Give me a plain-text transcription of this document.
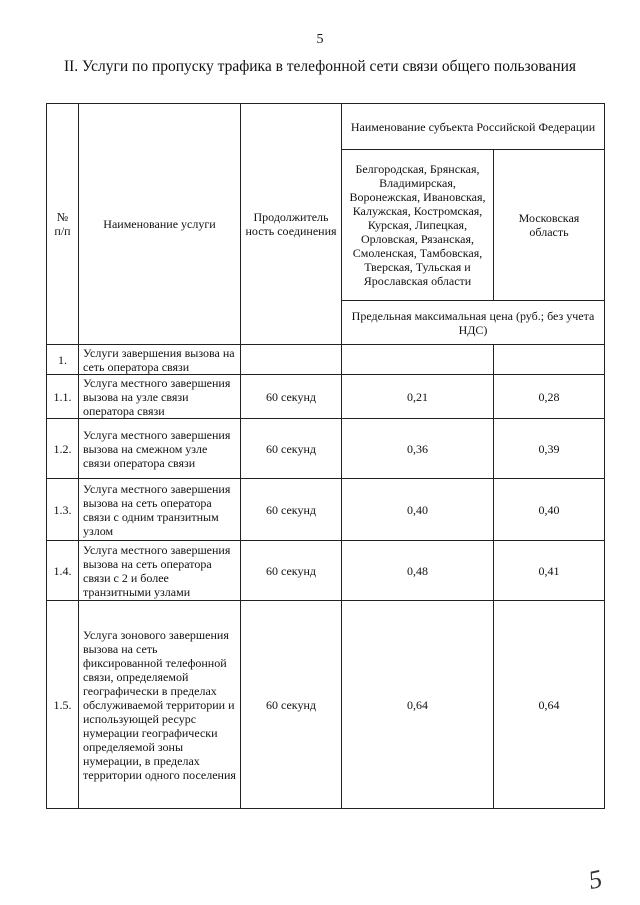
5
II. Услуги по пропуску трафика в телефонной сети связи общего пользования
№ п/п	Наименование услуги	Продолжитель ность соединения	Наименование субъекта Российской Федерации	
			Белгородская, Брянская, Владимирская, Воронежская, Ивановская, Калужская, Костромская, Курская, Липецкая, Орловская, Рязанская, Смоленская, Тамбовская, Тверская, Тульская и Ярославская области	Московская область
			Предельная максимальная цена (руб.; без учета НДС)	
1.	Услуги завершения вызова на сеть оператора связи			
1.1.	Услуга местного завершения вызова на узле связи оператора связи	60 секунд	0,21	0,28
1.2.	Услуга местного завершения вызова на смежном узле связи оператора связи	60 секунд	0,36	0,39
1.3.	Услуга местного завершения вызова на сеть оператора связи с одним транзитным узлом	60 секунд	0,40	0,40
1.4.	Услуга местного завершения вызова на сеть оператора связи с 2 и более транзитными узлами	60 секунд	0,48	0,41
1.5.	Услуга зонового завершения вызова на сеть фиксированной телефонной связи, определяемой географически в пределах обслуживаемой территории и использующей ресурс нумерации географически определяемой зоны нумерации, в пределах территории одного поселения	60 секунд	0,64	0,64
5
